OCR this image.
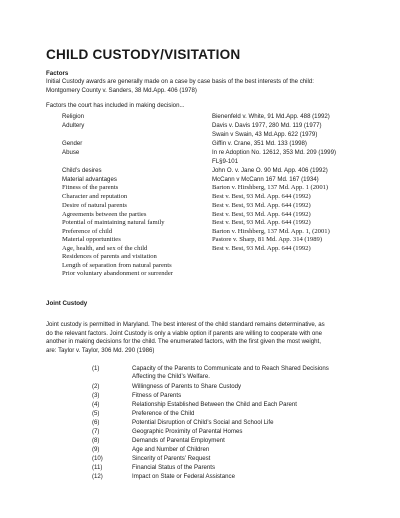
CHILD CUSTODY/VISITATION
Factors
Initial Custody awards are generally made on a case by case basis of the best interests of the child:
Montgomery County v. Sanders, 38 Md.App. 406 (1978)
Factors the court has included in making decision...
Religion	Bienenfeld v. White, 91 Md.App. 488 (1992)
Adultery	Davis v. Davis 1977, 280 Md. 119 (1977)
Swain v Swain, 43 Md.App. 622 (1979)
Gender	Giffin v. Crane, 351 Md. 133 (1998)
Abuse	In re Adoption No. 12612, 353 Md. 209 (1999)
FL§9-101
Child’s desires	John O. v. Jane O. 90 Md. App. 406 (1992)
Material advantages	McCann v McCann 167 Md. 167 (1934)
Fitness of the parents	Barton v. Hirshberg, 137 Md. App. 1 (2001)
Character and reputation	Best v. Best, 93 Md. App. 644 (1992)
Desire of natural parents	Best v. Best, 93 Md. App. 644 (1992)
Agreements between the parties	Best v. Best, 93 Md. App. 644 (1992)
Potential of maintaining natural family	Best v. Best, 93 Md. App. 644 (1992)
Preference of child	Barton v. Hirshberg, 137 Md. App. 1, (2001)
Material opportunities	Pastore v. Sharp, 81 Md. App. 314 (1989)
Age, health, and sex of the child	Best v. Best, 93 Md. App. 644 (1992)
Residences of parents and visitation
Length of separation from natural parents
Prior voluntary abandonment or surrender
Joint Custody
Joint custody is permitted in Maryland. The best interest of the child standard remains determinative, as
do the relevant factors. Joint Custody is only a viable option if parents are willing to cooperate with one
another in making decisions for the child. The enumerated factors, with the first given the most weight,
are: Taylor v. Taylor, 306 Md. 290 (1986)
(1)	Capacity of the Parents to Communicate and to Reach Shared Decisions
Affecting the Child’s Welfare.
(2)	Willingness of Parents to Share Custody
(3)	Fitness of Parents
(4)	Relationship Established Between the Child and Each Parent
(5)	Preference of the Child
(6)	Potential Disruption of Child’s Social and School Life
(7)	Geographic Proximity of Parental Homes
(8)	Demands of Parental Employment
(9)	Age and Number of Children
(10)	Sincerity of Parents’ Request
(11)	Financial Status of the Parents
(12)	Impact on State or Federal Assistance
